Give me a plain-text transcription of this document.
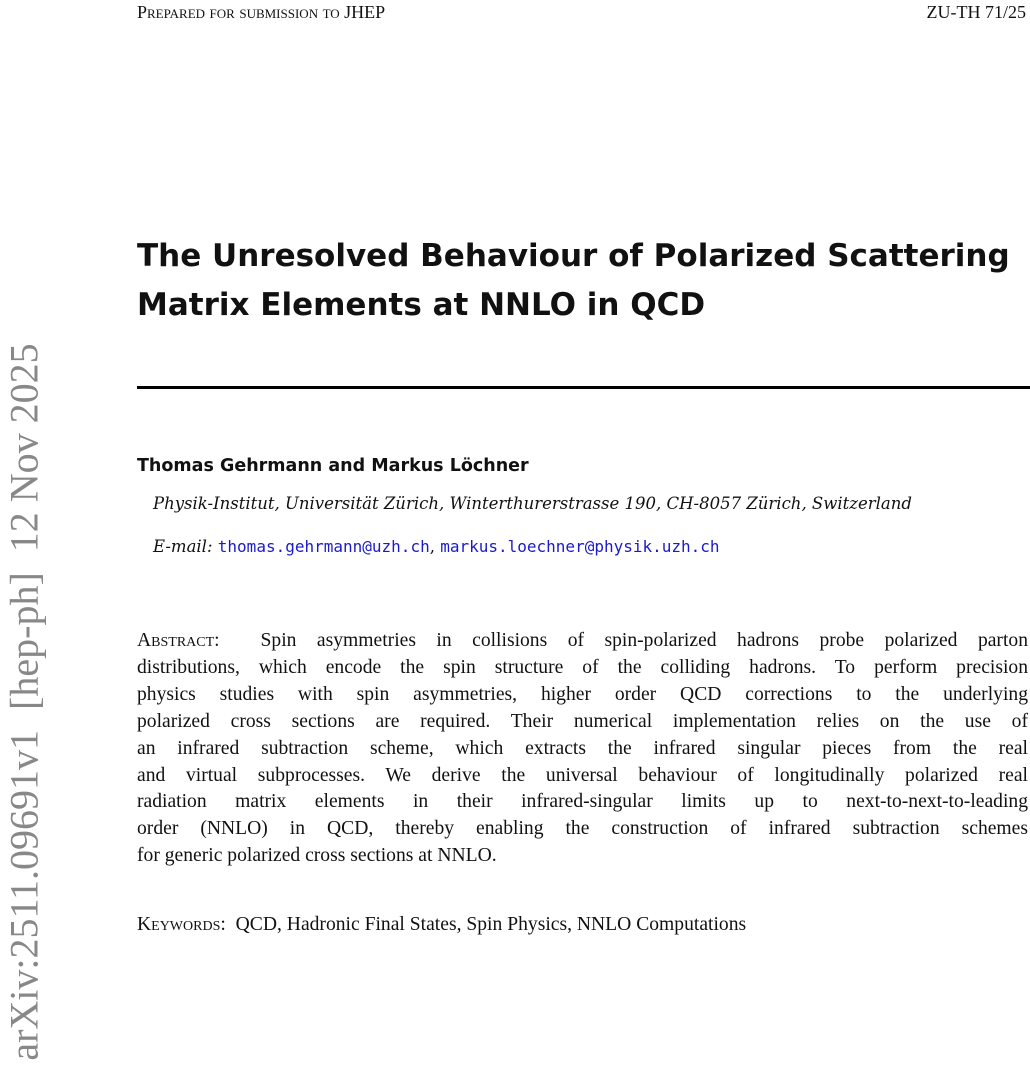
Prepared for submission to JHEP	ZU-TH 71/25
The Unresolved Behaviour of Polarized Scattering
Matrix Elements at NNLO in QCD
Thomas Gehrmann and Markus Löchner
Physik-Institut, Universität Zürich, Winterthurerstrasse 190, CH-8057 Zürich, Switzerland
E-mail: thomas.gehrmann@uzh.ch, markus.loechner@physik.uzh.ch
Abstract: Spin asymmetries in collisions of spin-polarized hadrons probe polarized parton
distributions, which encode the spin structure of the colliding hadrons. To perform precision
physics studies with spin asymmetries, higher order QCD corrections to the underlying
polarized cross sections are required. Their numerical implementation relies on the use of
an infrared subtraction scheme, which extracts the infrared singular pieces from the real
and virtual subprocesses. We derive the universal behaviour of longitudinally polarized real
radiation matrix elements in their infrared-singular limits up to next-to-next-to-leading
order (NNLO) in QCD, thereby enabling the construction of infrared subtraction schemes
for generic polarized cross sections at NNLO.
Keywords: QCD, Hadronic Final States, Spin Physics, NNLO Computations
arXiv:2511.09691v1  [hep-ph]  12 Nov 2025
